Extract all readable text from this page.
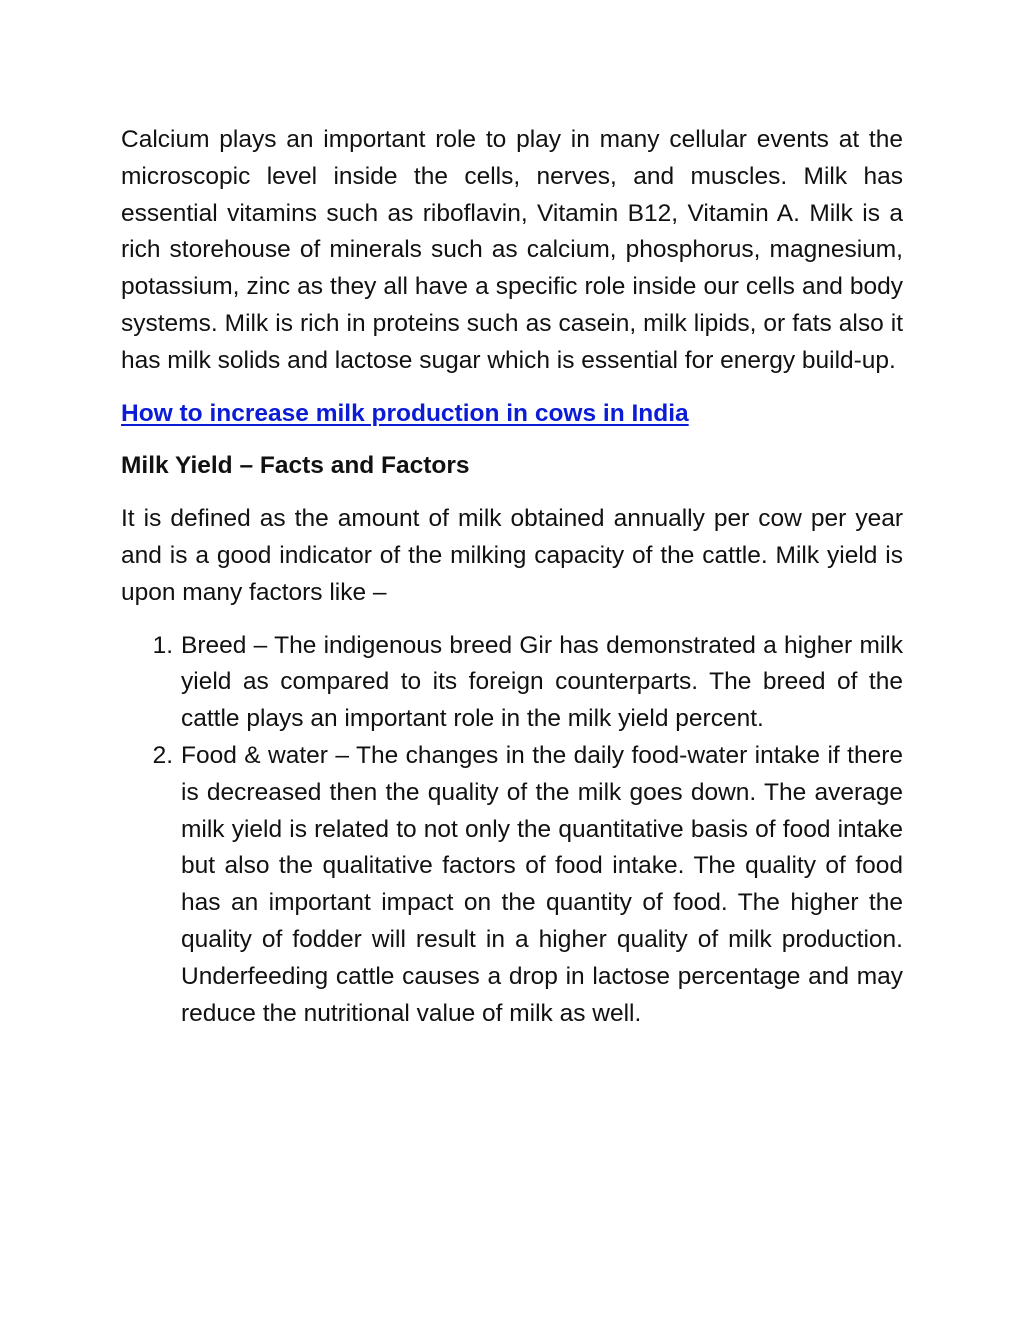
Calcium plays an important role to play in many cellular events at the microscopic level inside the cells, nerves, and muscles. Milk has essential vitamins such as riboflavin, Vitamin B12, Vitamin A. Milk is a rich storehouse of minerals such as calcium, phosphorus, magnesium, potassium, zinc as they all have a specific role inside our cells and body systems. Milk is rich in proteins such as casein, milk lipids, or fats also it has milk solids and lactose sugar which is essential for energy build-up.

How to increase milk production in cows in India

Milk Yield – Facts and Factors

It is defined as the amount of milk obtained annually per cow per year and is a good indicator of the milking capacity of the cattle. Milk yield is upon many factors like –

1. Breed – The indigenous breed Gir has demonstrated a higher milk yield as compared to its foreign counterparts. The breed of the cattle plays an important role in the milk yield percent.
2. Food & water – The changes in the daily food-water intake if there is decreased then the quality of the milk goes down. The average milk yield is related to not only the quantitative basis of food intake but also the qualitative factors of food intake. The quality of food has an important impact on the quantity of food. The higher the quality of fodder will result in a higher quality of milk production. Underfeeding cattle causes a drop in lactose percentage and may reduce the nutritional value of milk as well.
